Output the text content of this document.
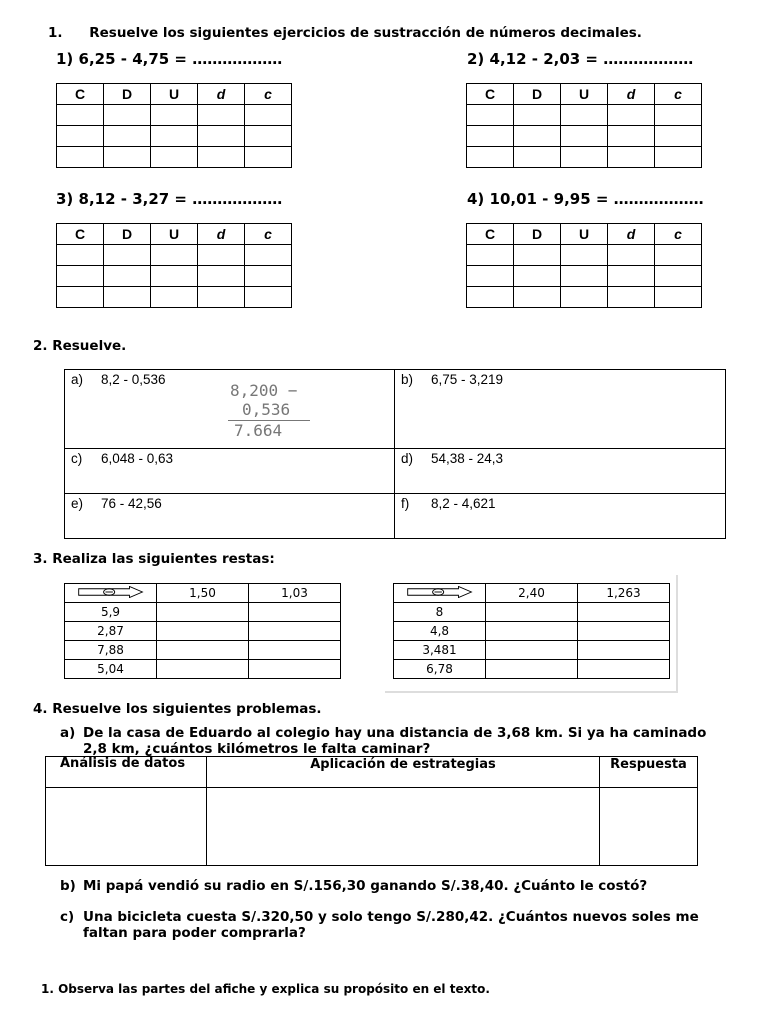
1. Resuelve los siguientes ejercicios de sustracción de números decimales.
1) 6,25 - 4,75 = ………………	2) 4,12 - 2,03 = ………………
3) 8,12 - 3,27 = ………………	4) 10,01 - 9,95 = ………………
C	D	U	d	c

					C	D	U	d	c

C	D	U	d	c

					C	D	U	d	c

2. Resuelve.
a) 8,2 - 0,536	b) 6,75 - 3,219
c) 6,048 - 0,63	d) 54,38 - 24,3
e) 76 - 42,56	f) 8,2 - 4,621
8,200 −
0,536
7.664
3. Realiza las siguientes restas:
	1,50	1,03
5,9		
2,87		
7,88		
5,04		
	2,40	1,263
8		
4,8		
3,481		
6,78		
4. Resuelve los siguientes problemas.
a) De la casa de Eduardo al colegio hay una distancia de 3,68 km. Si ya ha caminado
2,8 km, ¿cuántos kilómetros le falta caminar?
Análisis de datos	Aplicación de estrategias	Respuesta

b) Mi papá vendió su radio en S/.156,30 ganando S/.38,40. ¿Cuánto le costó?
c) Una bicicleta cuesta S/.320,50 y solo tengo S/.280,42. ¿Cuántos nuevos soles me
faltan para poder comprarla?
1. Observa las partes del afiche y explica su propósito en el texto.
